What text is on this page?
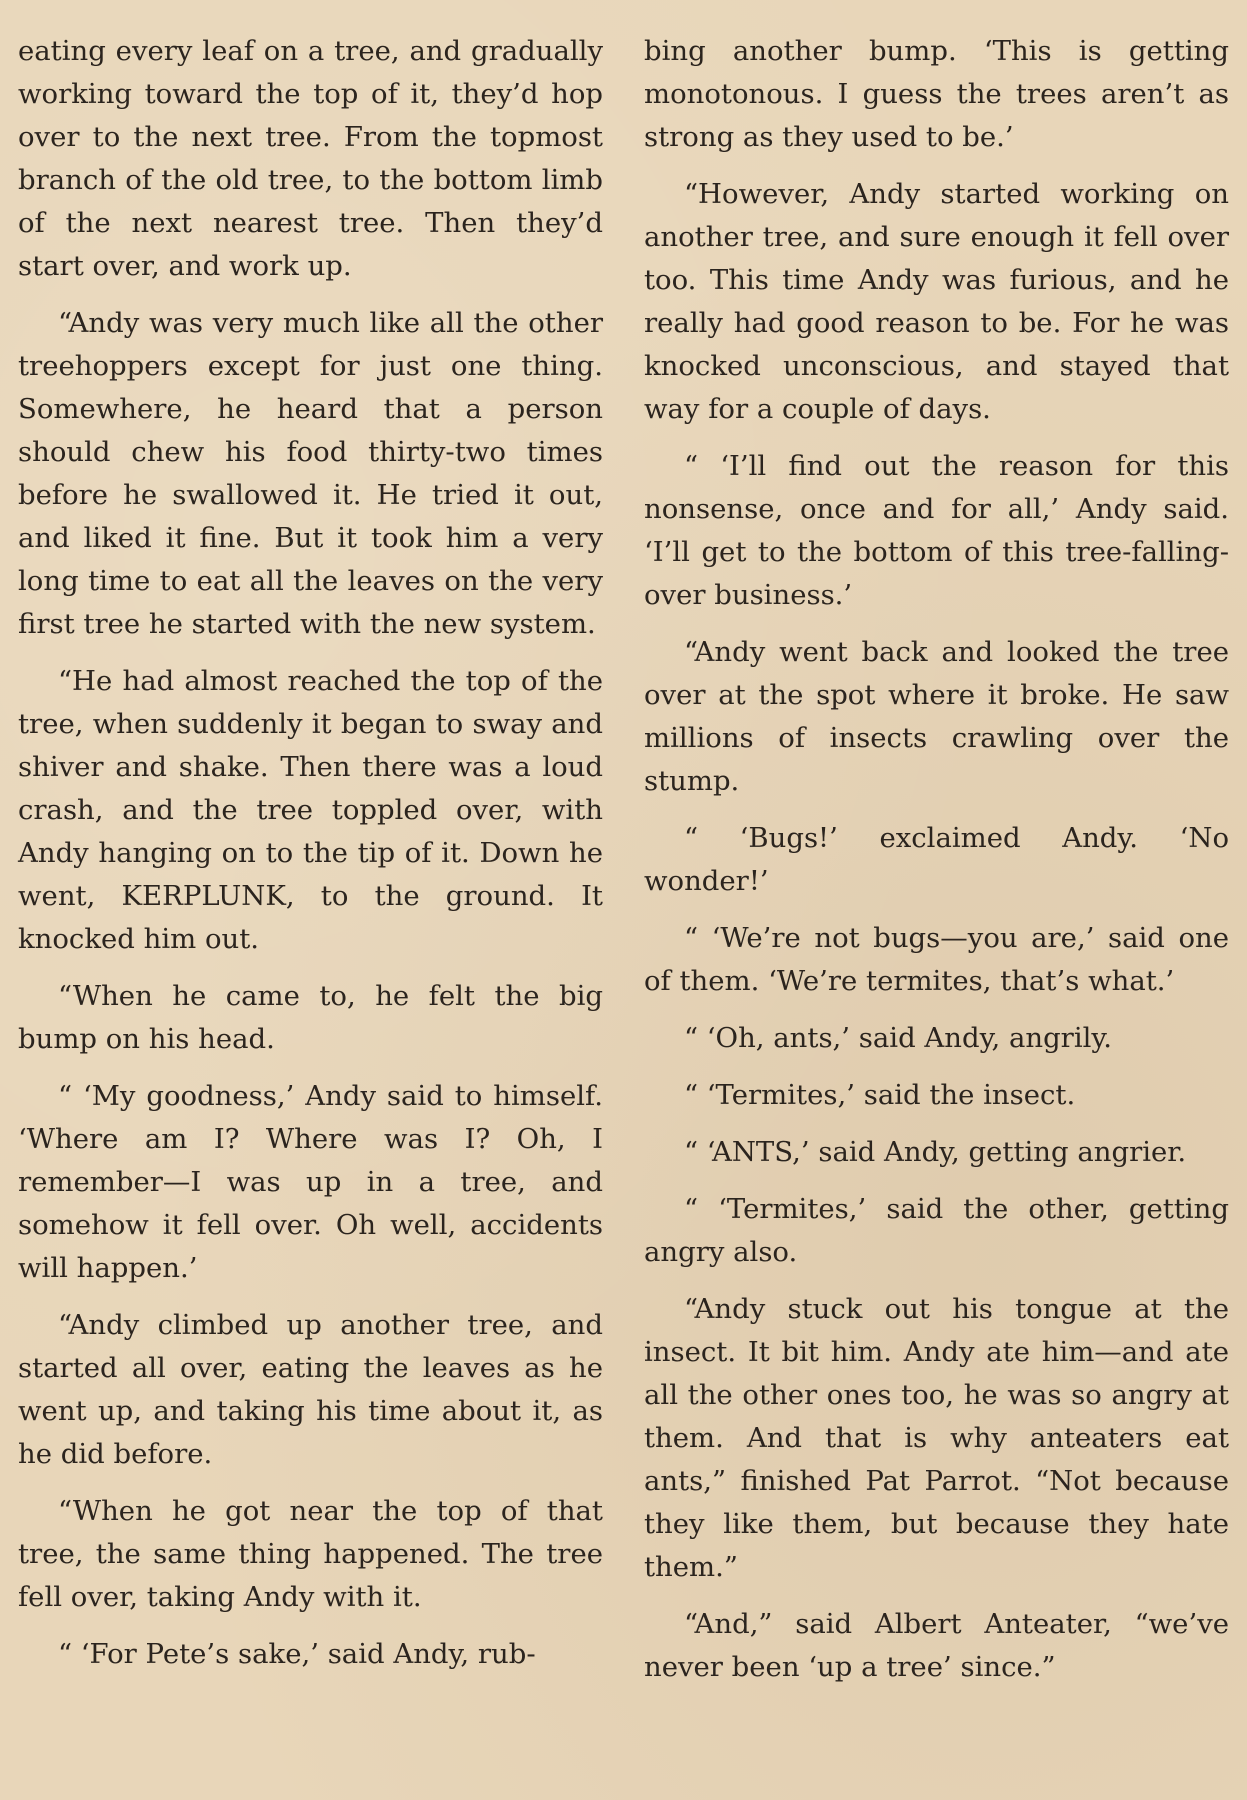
eating every leaf on a tree, and gradually working toward the top of it, they’d hop over to the next tree. From the topmost branch of the old tree, to the bottom limb of the next nearest tree. Then they’d start over, and work up.

“Andy was very much like all the other treehoppers except for just one thing. Somewhere, he heard that a person should chew his food thirty-two times before he swallowed it. He tried it out, and liked it fine. But it took him a very long time to eat all the leaves on the very first tree he started with the new system.

“He had almost reached the top of the tree, when suddenly it began to sway and shiver and shake. Then there was a loud crash, and the tree toppled over, with Andy hanging on to the tip of it. Down he went, KERPLUNK, to the ground. It knocked him out.

“When he came to, he felt the big bump on his head.

“ ‘My goodness,’ Andy said to himself. ‘Where am I? Where was I? Oh, I remember—I was up in a tree, and somehow it fell over. Oh well, accidents will happen.’

“Andy climbed up another tree, and started all over, eating the leaves as he went up, and taking his time about it, as he did before.

“When he got near the top of that tree, the same thing happened. The tree fell over, taking Andy with it.

“ ‘For Pete’s sake,’ said Andy, rub-

bing another bump. ‘This is getting monotonous. I guess the trees aren’t as strong as they used to be.’

“However, Andy started working on another tree, and sure enough it fell over too. This time Andy was furious, and he really had good reason to be. For he was knocked unconscious, and stayed that way for a couple of days.

“ ‘I’ll find out the reason for this nonsense, once and for all,’ Andy said. ‘I’ll get to the bottom of this tree-falling-over business.’

“Andy went back and looked the tree over at the spot where it broke. He saw millions of insects crawling over the stump.

“ ‘Bugs!’ exclaimed Andy. ‘No wonder!’

“ ‘We’re not bugs—you are,’ said one of them. ‘We’re termites, that’s what.’

“ ‘Oh, ants,’ said Andy, angrily.

“ ‘Termites,’ said the insect.

“ ‘ANTS,’ said Andy, getting angrier.

“ ‘Termites,’ said the other, getting angry also.

“Andy stuck out his tongue at the insect. It bit him. Andy ate him—and ate all the other ones too, he was so angry at them. And that is why anteaters eat ants,” finished Pat Parrot. “Not because they like them, but because they hate them.”

“And,” said Albert Anteater, “we’ve never been ‘up a tree’ since.”
